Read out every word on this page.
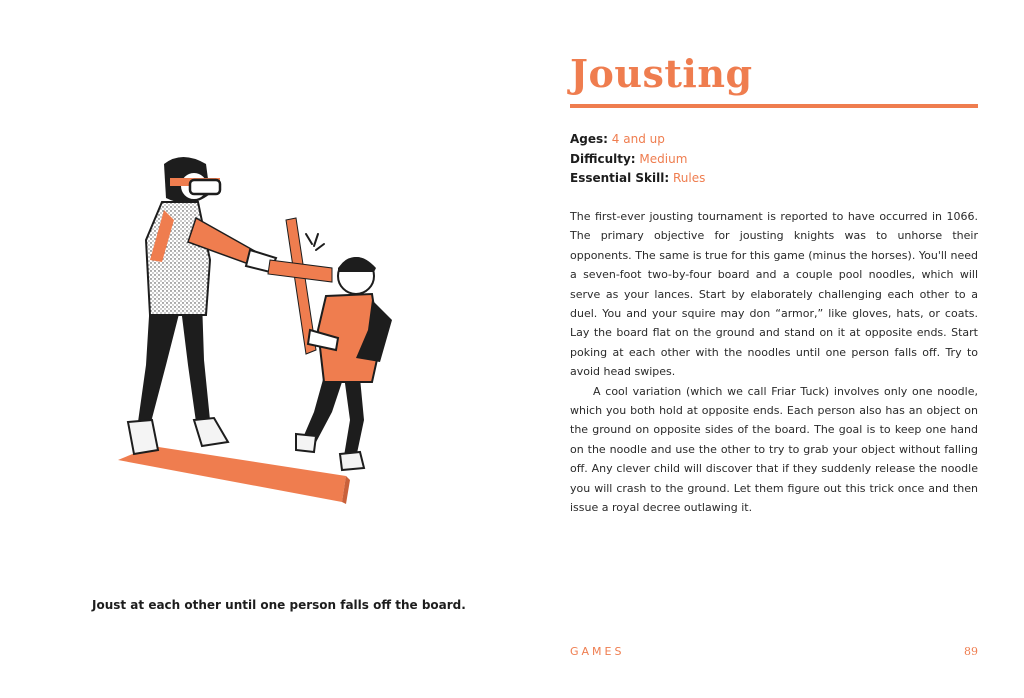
Jousting
Ages: 4 and up
Difficulty: Medium
Essential Skill: Rules

The first-ever jousting tournament is reported to have occurred in 1066. The primary objective for jousting knights was to unhorse their opponents. The same is true for this game (minus the horses). You'll need a seven-foot two-by-four board and a couple pool noodles, which will serve as your lances. Start by elaborately challenging each other to a duel. You and your squire may don “armor,” like gloves, hats, or coats. Lay the board flat on the ground and stand on it at opposite ends. Start poking at each other with the noodles until one person falls off. Try to avoid head swipes.

A cool variation (which we call Friar Tuck) involves only one noodle, which you both hold at opposite ends. Each person also has an object on the ground on opposite sides of the board. The goal is to keep one hand on the noodle and use the other to try to grab your object without falling off. Any clever child will discover that if they suddenly release the noodle you will crash to the ground. Let them figure out this trick once and then issue a royal decree outlawing it.

Joust at each other until one person falls off the board.
GAMES	89
